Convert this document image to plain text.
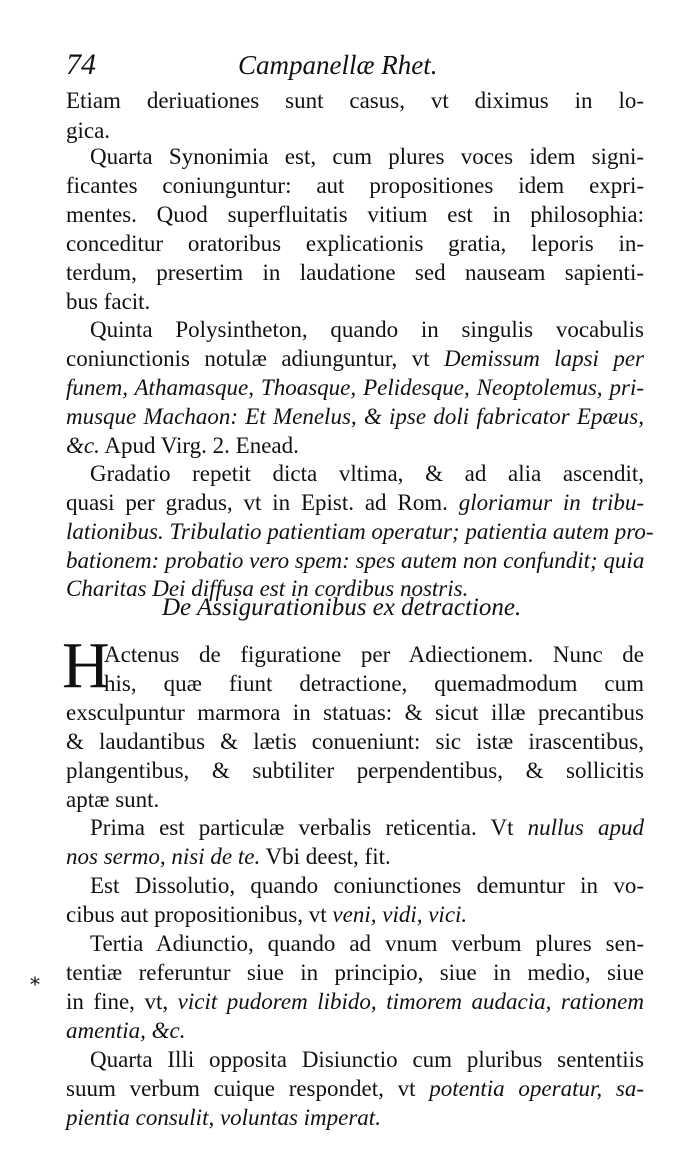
74	Campanellæ Rhet.
Etiam deriuationes sunt casus, vt diximus in lo-
gica.
Quarta Synonimia est, cum plures voces idem signi-
ficantes coniunguntur: aut propositiones idem expri-
mentes. Quod superfluitatis vitium est in philosophia:
conceditur oratoribus explicationis gratia, leporis in-
terdum, presertim in laudatione sed nauseam sapienti-
bus facit.
Quinta Polysintheton, quando in singulis vocabulis
coniunctionis notulæ adiunguntur, vt Demissum lapsi per
funem, Athamasque, Thoasque, Pelidesque, Neoptolemus, pri-
musque Machaon: Et Menelus, & ipse doli fabricator Epæus,
&c. Apud Virg. 2. Enead.
Gradatio repetit dicta vltima, & ad alia ascendit,
quasi per gradus, vt in Epist. ad Rom. gloriamur in tribu-
lationibus. Tribulatio patientiam operatur; patientia autem pro-
bationem: probatio vero spem: spes autem non confundit; quia
Charitas Dei diffusa est in cordibus nostris.
De Assigurationibus ex detractione.
H
Actenus de figuratione per Adiectionem. Nunc de
his, quæ fiunt detractione, quemadmodum cum
exsculpuntur marmora in statuas: & sicut illæ precantibus
& laudantibus & lætis conueniunt: sic istæ irascentibus,
plangentibus, & subtiliter perpendentibus, & sollicitis
aptæ sunt.
Prima est particulæ verbalis reticentia. Vt nullus apud
nos sermo, nisi de te. Vbi deest, fit.
Est Dissolutio, quando coniunctiones demuntur in vo-
cibus aut propositionibus, vt veni, vidi, vici.
Tertia Adiunctio, quando ad vnum verbum plures sen-
tentiæ referuntur siue in principio, siue in medio, siue
⁎
in fine, vt, vicit pudorem libido, timorem audacia, rationem
amentia, &c.
Quarta Illi opposita Disiunctio cum pluribus sententiis
suum verbum cuique respondet, vt potentia operatur, sa-
pientia consulit, voluntas imperat.
